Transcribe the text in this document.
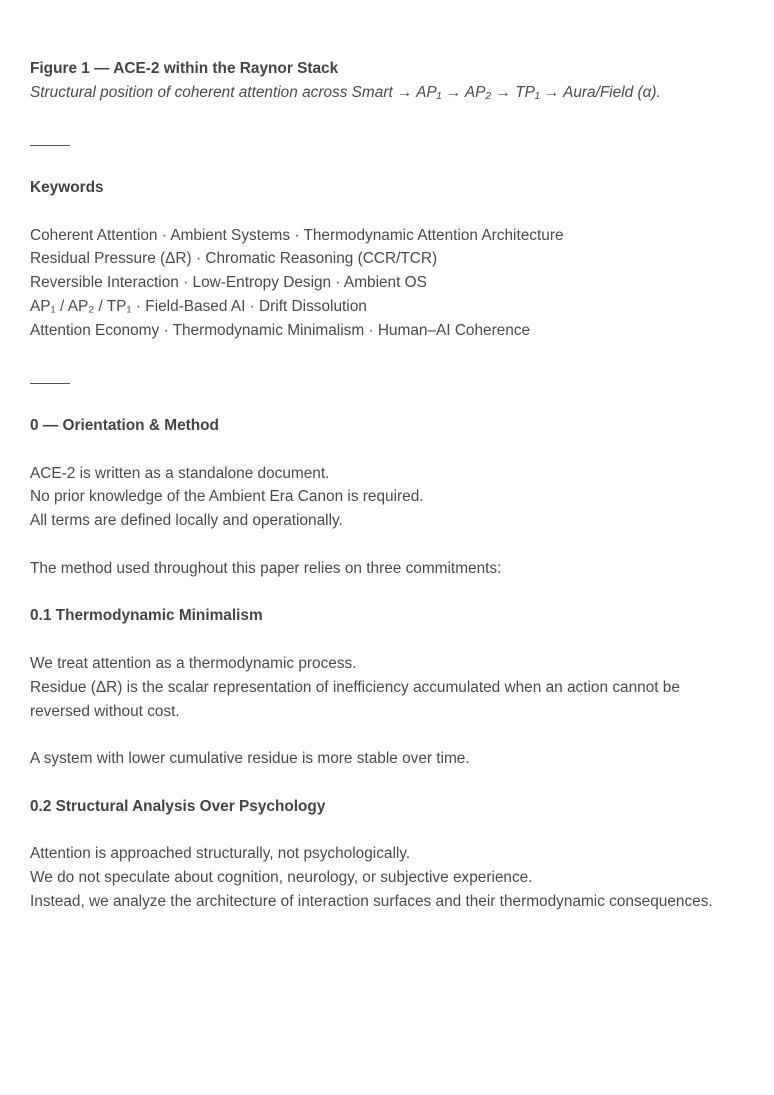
Figure 1 — ACE-2 within the Raynor Stack
Structural position of coherent attention across Smart → AP₁ → AP₂ → TP₁ → Aura/Field (α).
Keywords
Coherent Attention · Ambient Systems · Thermodynamic Attention Architecture
Residual Pressure (ΔR) · Chromatic Reasoning (CCR/TCR)
Reversible Interaction · Low-Entropy Design · Ambient OS
AP₁ / AP₂ / TP₁ · Field-Based AI · Drift Dissolution
Attention Economy · Thermodynamic Minimalism · Human–AI Coherence
0 — Orientation & Method
ACE-2 is written as a standalone document.
No prior knowledge of the Ambient Era Canon is required.
All terms are defined locally and operationally.
The method used throughout this paper relies on three commitments:
0.1 Thermodynamic Minimalism
We treat attention as a thermodynamic process.
Residue (ΔR) is the scalar representation of inefficiency accumulated when an action cannot be reversed without cost.
A system with lower cumulative residue is more stable over time.
0.2 Structural Analysis Over Psychology
Attention is approached structurally, not psychologically.
We do not speculate about cognition, neurology, or subjective experience.
Instead, we analyze the architecture of interaction surfaces and their thermodynamic consequences.
